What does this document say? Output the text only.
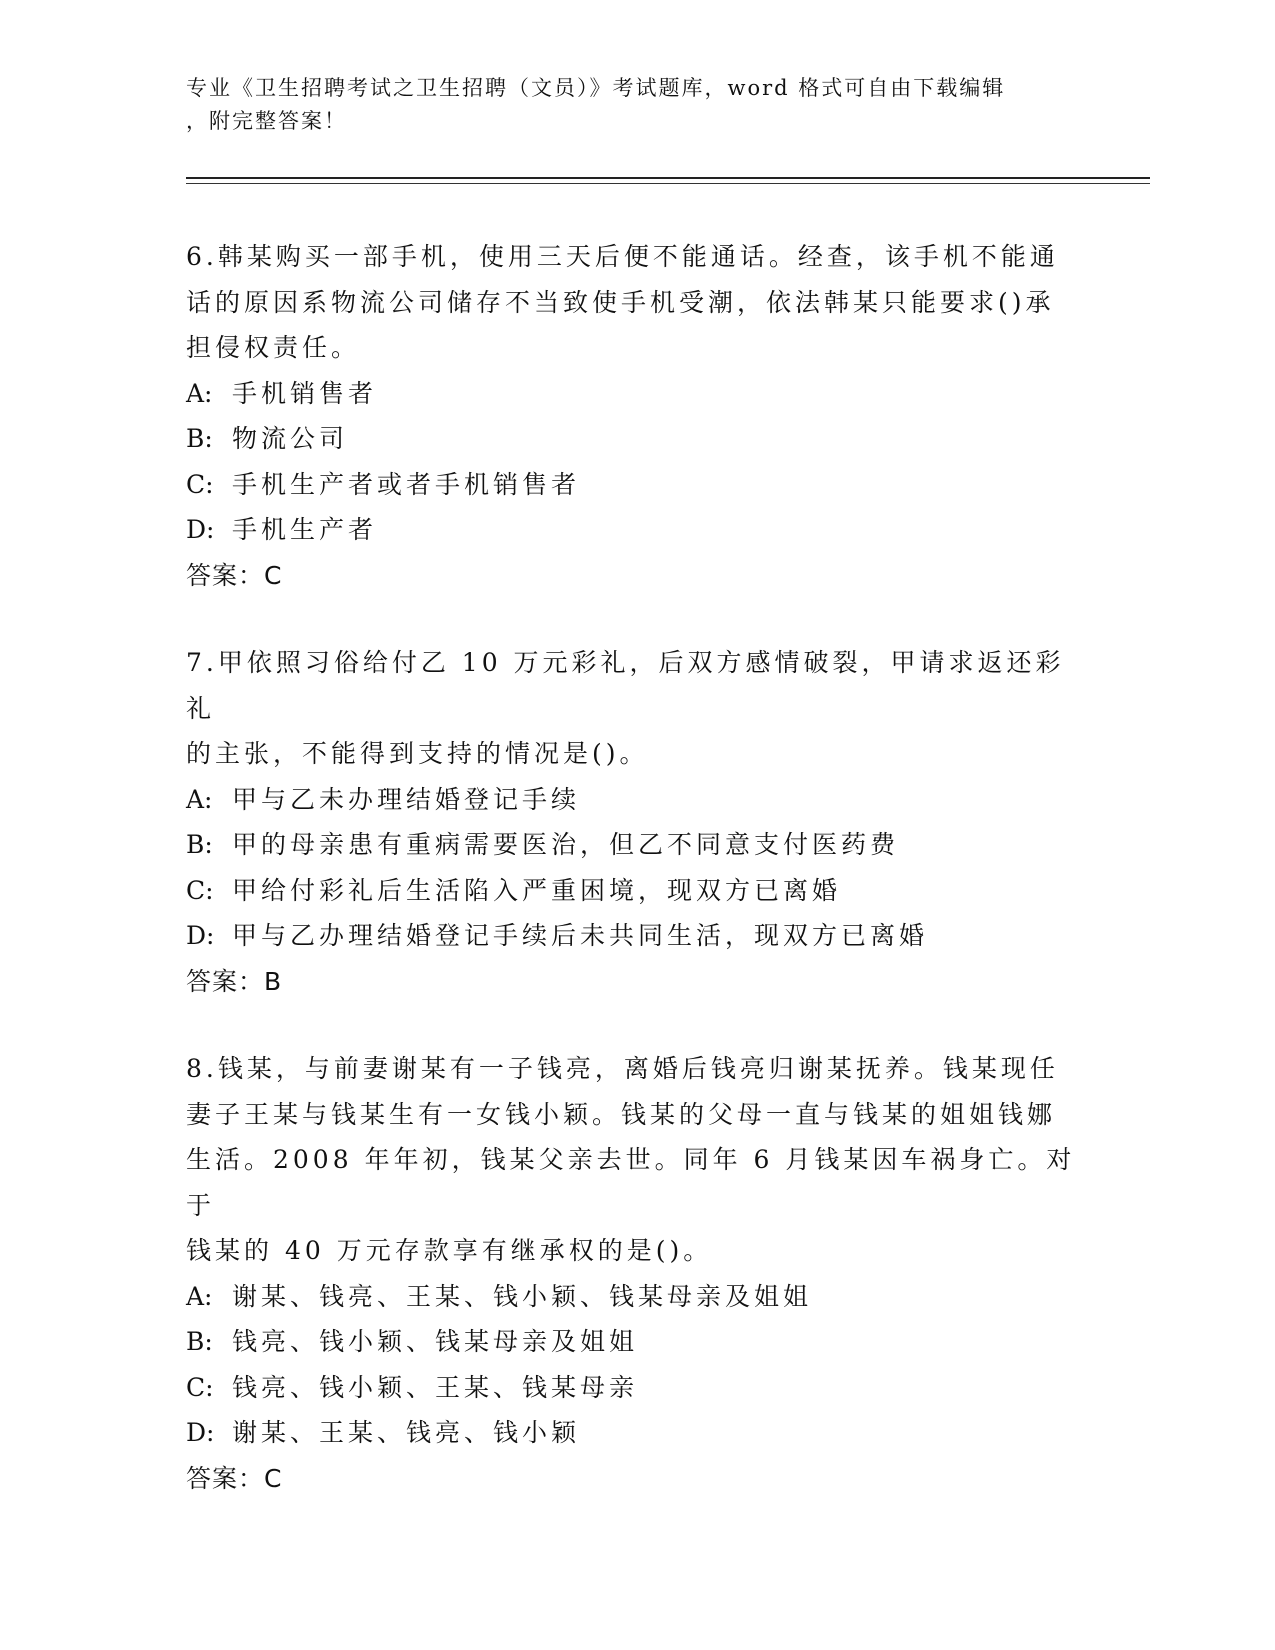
专业《卫生招聘考试之卫生招聘（文员）》考试题库，word 格式可自由下载编辑
，附完整答案！
6.韩某购买一部手机，使用三天后便不能通话。经查，该手机不能通
话的原因系物流公司储存不当致使手机受潮，依法韩某只能要求()承
担侵权责任。
A: 手机销售者
B: 物流公司
C: 手机生产者或者手机销售者
D: 手机生产者
答案：C
7.甲依照习俗给付乙 10 万元彩礼，后双方感情破裂，甲请求返还彩礼
的主张，不能得到支持的情况是()。
A: 甲与乙未办理结婚登记手续
B: 甲的母亲患有重病需要医治，但乙不同意支付医药费
C: 甲给付彩礼后生活陷入严重困境，现双方已离婚
D: 甲与乙办理结婚登记手续后未共同生活，现双方已离婚
答案：B
8.钱某，与前妻谢某有一子钱亮，离婚后钱亮归谢某抚养。钱某现任
妻子王某与钱某生有一女钱小颖。钱某的父母一直与钱某的姐姐钱娜
生活。2008 年年初，钱某父亲去世。同年 6 月钱某因车祸身亡。对于
钱某的 40 万元存款享有继承权的是()。
A: 谢某、钱亮、王某、钱小颖、钱某母亲及姐姐
B: 钱亮、钱小颖、钱某母亲及姐姐
C: 钱亮、钱小颖、王某、钱某母亲
D: 谢某、王某、钱亮、钱小颖
答案：C
